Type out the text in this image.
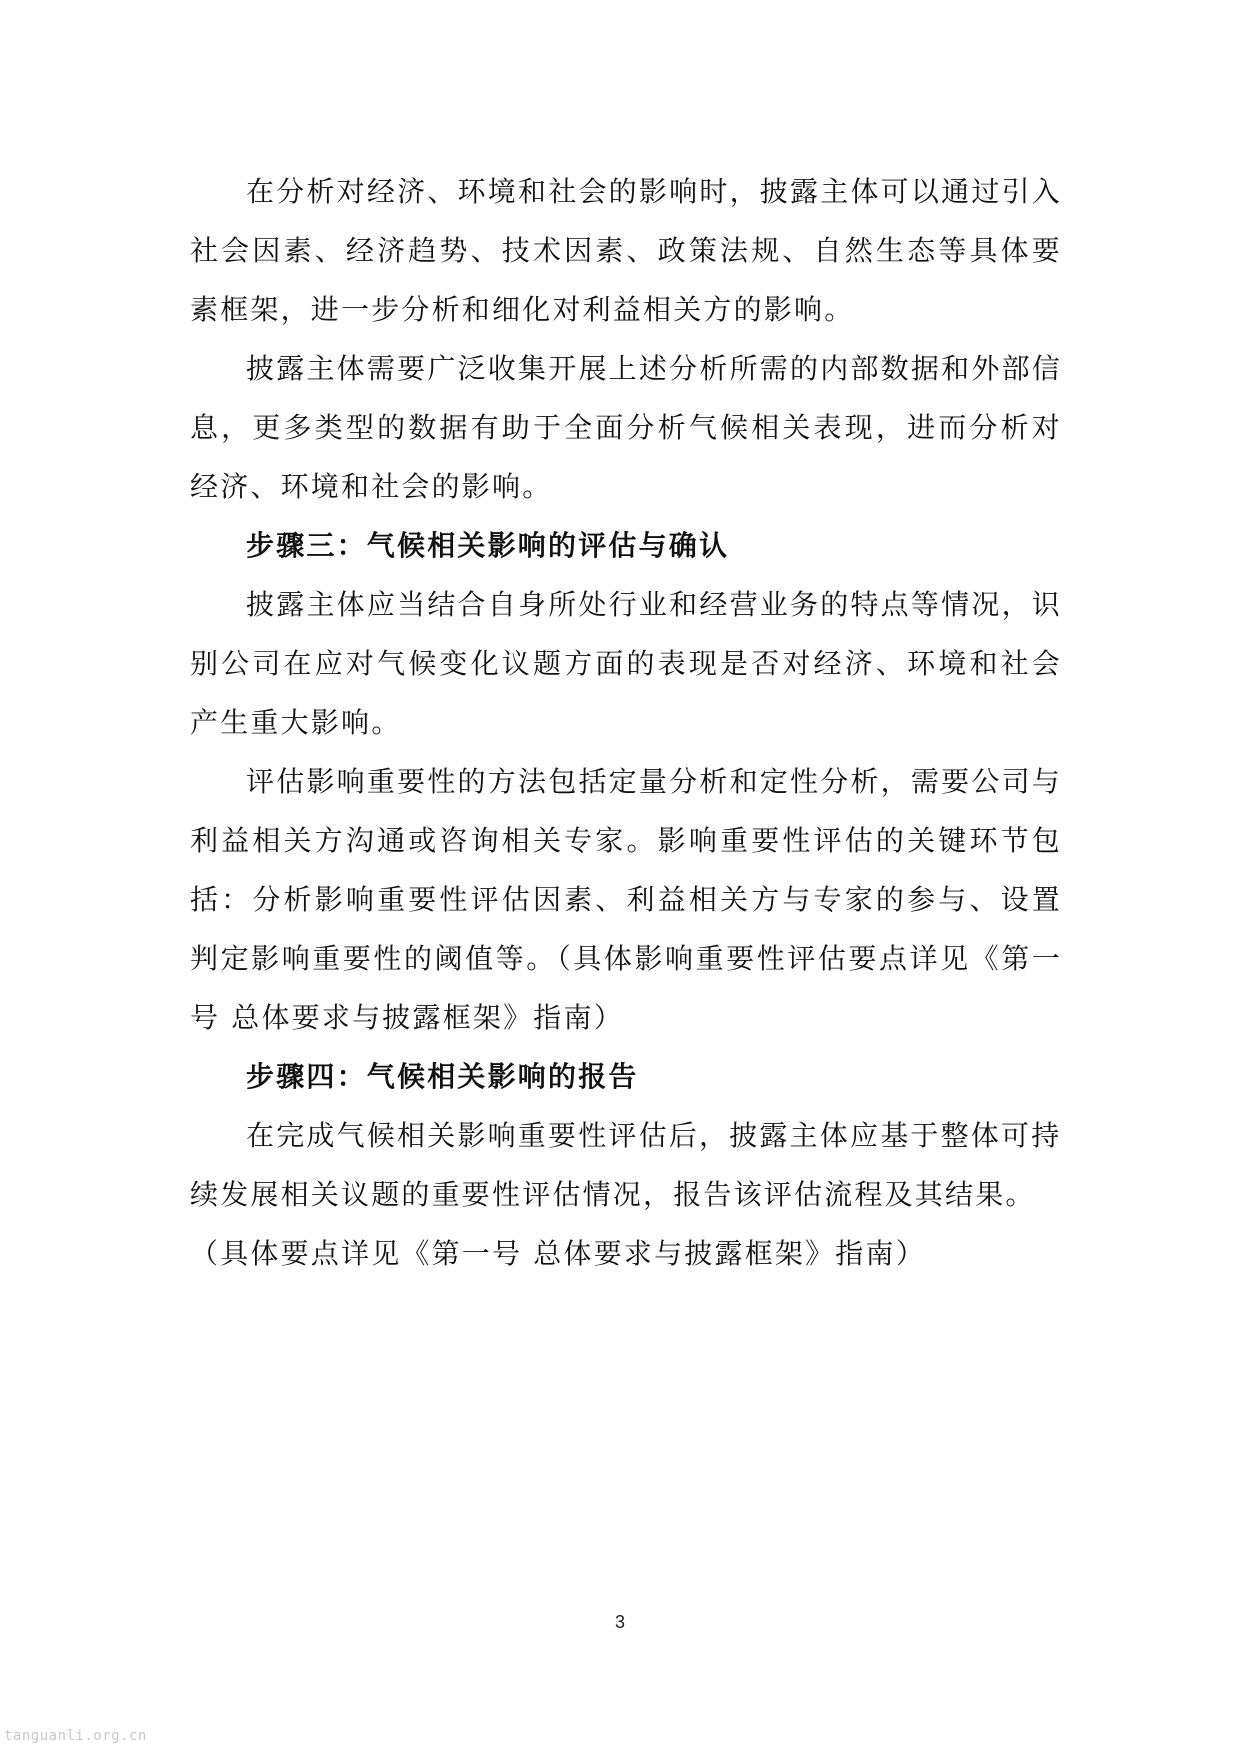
在分析对经济、环境和社会的影响时，披露主体可以通过引入社会因素、经济趋势、技术因素、政策法规、自然生态等具体要素框架，进一步分析和细化对利益相关方的影响。

披露主体需要广泛收集开展上述分析所需的内部数据和外部信息，更多类型的数据有助于全面分析气候相关表现，进而分析对经济、环境和社会的影响。

步骤三：气候相关影响的评估与确认

披露主体应当结合自身所处行业和经营业务的特点等情况，识别公司在应对气候变化议题方面的表现是否对经济、环境和社会产生重大影响。

评估影响重要性的方法包括定量分析和定性分析，需要公司与利益相关方沟通或咨询相关专家。影响重要性评估的关键环节包括：分析影响重要性评估因素、利益相关方与专家的参与、设置判定影响重要性的阈值等。（具体影响重要性评估要点详见《第一号 总体要求与披露框架》指南）

步骤四：气候相关影响的报告

在完成气候相关影响重要性评估后，披露主体应基于整体可持续发展相关议题的重要性评估情况，报告该评估流程及其结果。（具体要点详见《第一号 总体要求与披露框架》指南）

3
tanguanli.org.cn
